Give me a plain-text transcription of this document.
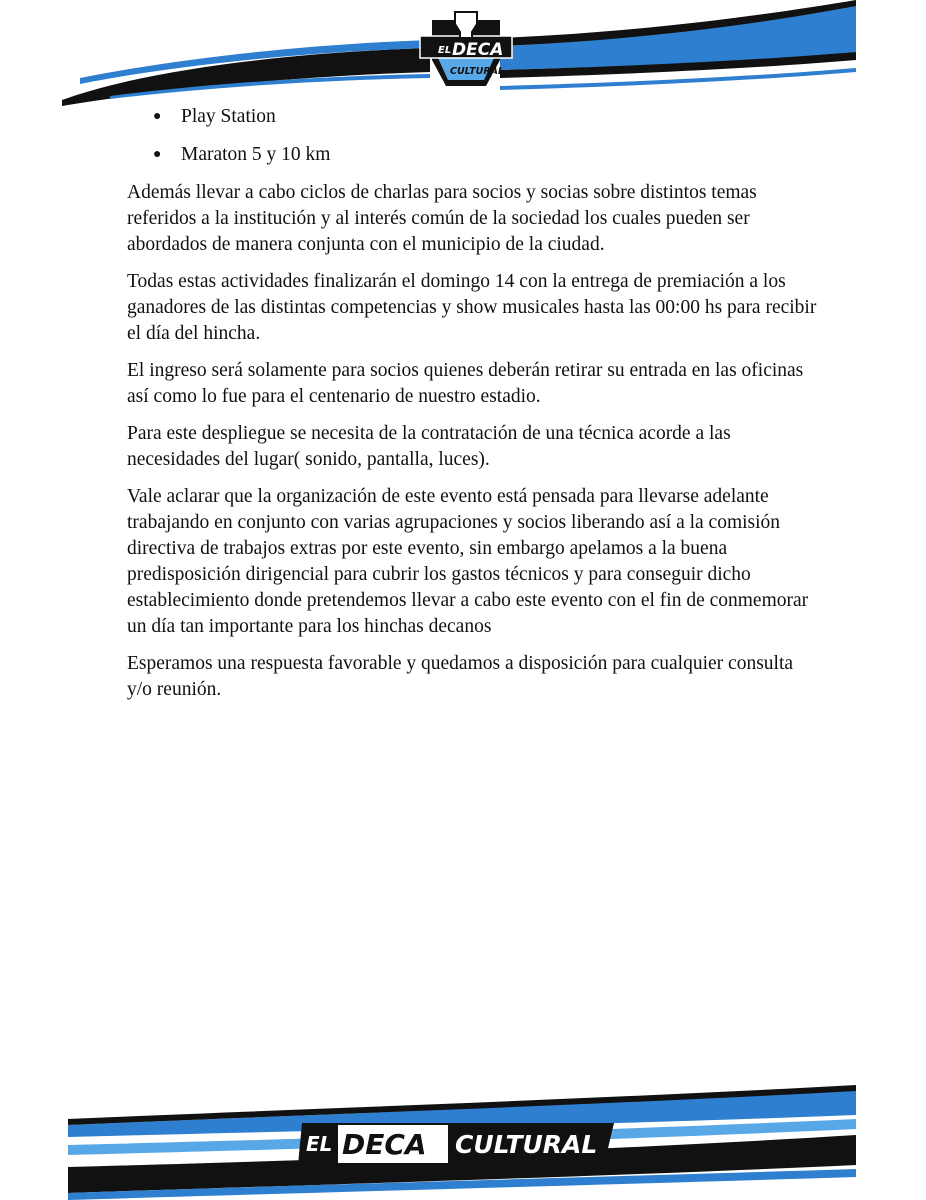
EL DECA
CULTURAL
● Play Station
● Maraton 5 y 10 km

Además llevar a cabo ciclos de charlas para socios y socias sobre distintos temas referidos a la institución y al interés común de la sociedad los cuales pueden ser abordados de manera conjunta con el municipio de la ciudad.

Todas estas actividades finalizarán el domingo 14 con la entrega de premiación a los ganadores de las distintas competencias y show musicales hasta las 00:00 hs para recibir el día del hincha.

El ingreso será solamente para socios quienes deberán retirar su entrada en las oficinas así como lo fue para el centenario de nuestro estadio.

Para este despliegue se necesita de la contratación de una técnica acorde a las necesidades del lugar( sonido, pantalla, luces).

Vale aclarar que la organización de este evento está pensada para llevarse adelante trabajando en conjunto con varias agrupaciones y socios liberando así a la comisión directiva de trabajos extras por este evento, sin embargo apelamos a la buena predisposición dirigencial para cubrir los gastos técnicos y para conseguir dicho establecimiento donde pretendemos llevar a cabo este evento con el fin de conmemorar un día tan importante para los hinchas decanos

Esperamos una respuesta favorable y quedamos a disposición para cualquier consulta y/o reunión.

EL DECA CULTURAL
